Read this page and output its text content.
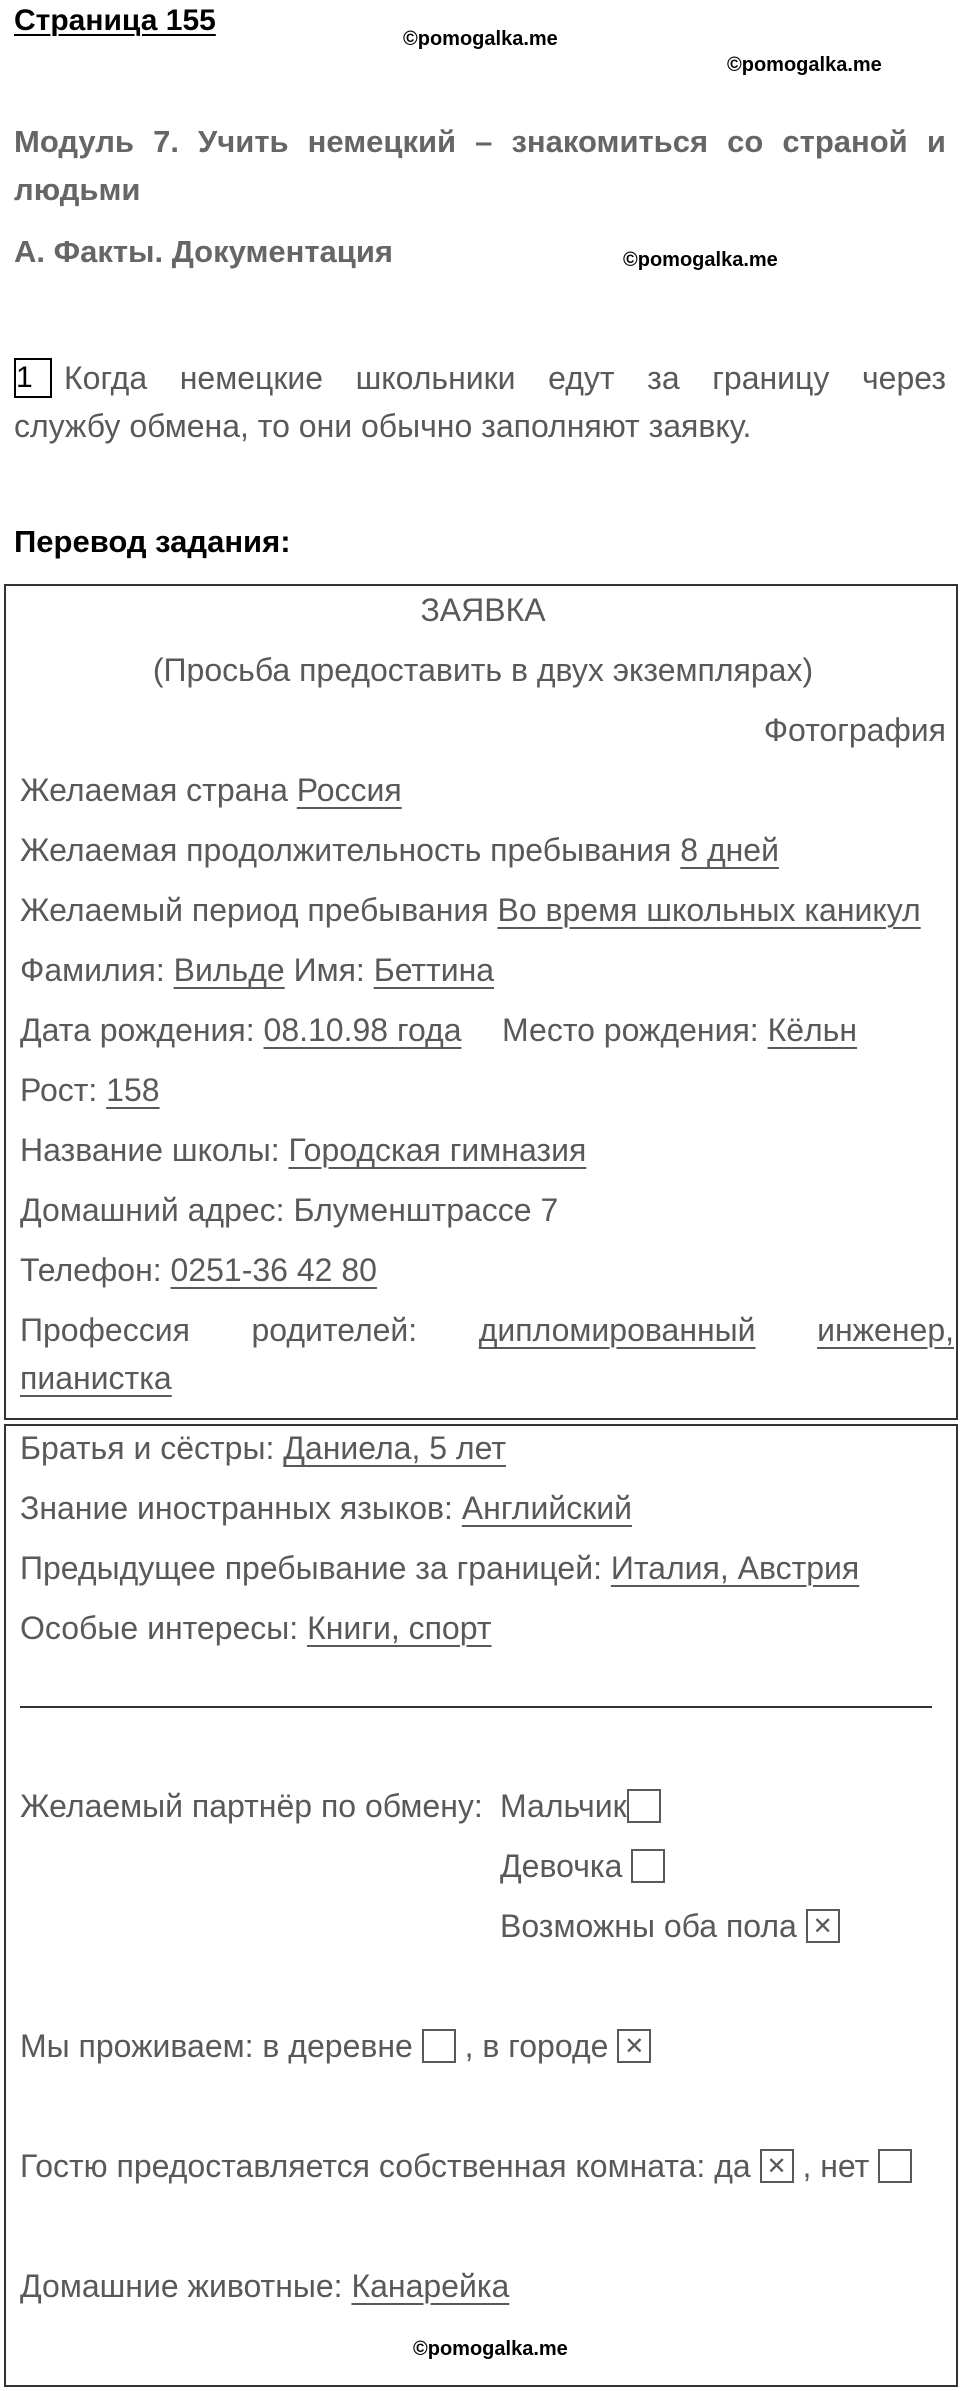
Страница 155
©pomogalka.me
©pomogalka.me
Модуль 7. Учить немецкий – знакомиться со страной и
людьми
А. Факты. Документация	©pomogalka.me
1 Когда немецкие школьники едут за границу через
службу обмена, то они обычно заполняют заявку.
Перевод задания:
ЗАЯВКА
(Просьба предоставить в двух экземплярах)
Фотография
Желаемая страна Россия
Желаемая продолжительность пребывания 8 дней
Желаемый период пребывания Во время школьных каникул
Фамилия: Вильде Имя: Беттина
Дата рождения: 08.10.98 года Место рождения: Кёльн
Рост: 158
Название школы: Городская гимназия
Домашний адрес: Блуменштрассе 7
Телефон: 0251-36 42 80
Профессия родителей: дипломированный инженер,
пианистка
Братья и сёстры: Даниела, 5 лет
Знание иностранных языков: Английский
Предыдущее пребывание за границей: Италия, Австрия
Особые интересы: Книги, спорт
Желаемый партнёр по обмену: Мальчик
Девочка
Возможны оба пола ✕
Мы проживаем: в деревне , в городе ✕
Гостю предоставляется собственная комната: да ✕ , нет
Домашние животные: Канарейка
©pomogalka.me
